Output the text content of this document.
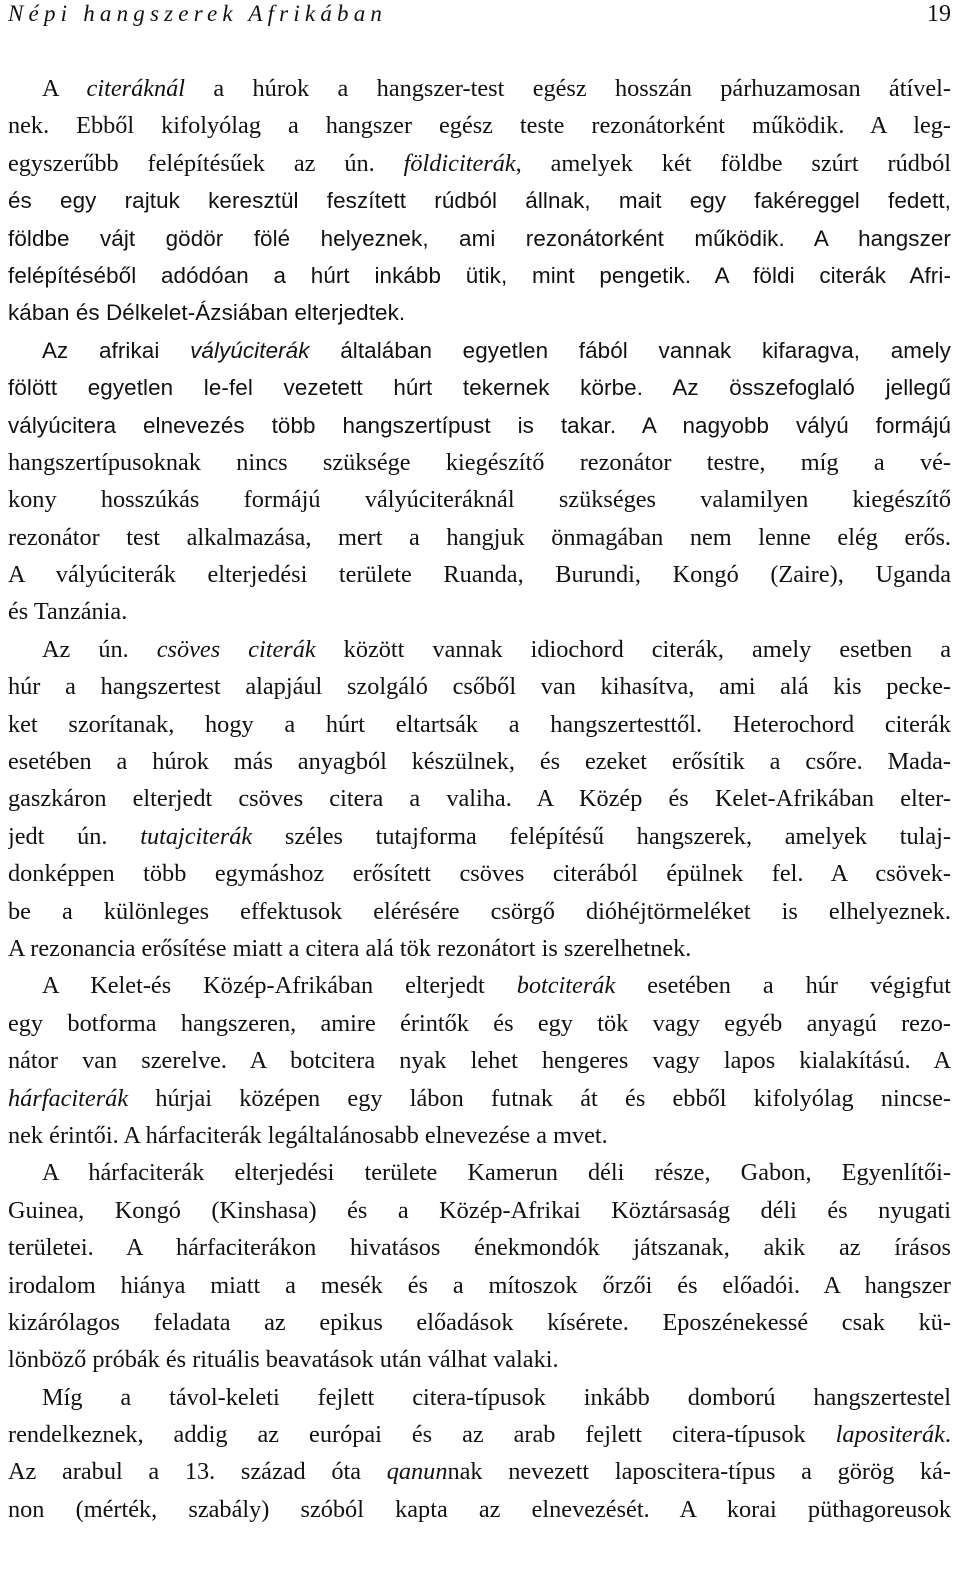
Népi hangszerek Afrikában	19
A citeráknál a húrok a hangszer-test egész hosszán párhuzamosan átível-
nek. Ebből kifolyólag a hangszer egész teste rezonátorként működik. A leg-
egyszerűbb felépítésűek az ún. földiciterák, amelyek két földbe szúrt rúdból
és egy rajtuk keresztül feszített rúdból állnak, mait egy fakéreggel fedett,
földbe vájt gödör fölé helyeznek, ami rezonátorként működik. A hangszer
felépítéséből adódóan a húrt inkább ütik, mint pengetik. A földi citerák Afri-
kában és Délkelet-Ázsiában elterjedtek.
Az afrikai vályúciterák általában egyetlen fából vannak kifaragva, amely
fölött egyetlen le-fel vezetett húrt tekernek körbe. Az összefoglaló jellegű
vályúcitera elnevezés több hangszertípust is takar. A nagyobb vályú formájú
hangszertípusoknak nincs szüksége kiegészítő rezonátor testre, míg a vé-
kony hosszúkás formájú vályúciteráknál szükséges valamilyen kiegészítő
rezonátor test alkalmazása, mert a hangjuk önmagában nem lenne elég erős.
A vályúciterák elterjedési területe Ruanda, Burundi, Kongó (Zaire), Uganda
és Tanzánia.
Az ún. csöves citerák között vannak idiochord citerák, amely esetben a
húr a hangszertest alapjául szolgáló csőből van kihasítva, ami alá kis pecke-
ket szorítanak, hogy a húrt eltartsák a hangszertesttől. Heterochord citerák
esetében a húrok más anyagból készülnek, és ezeket erősítik a csőre. Mada-
gaszkáron elterjedt csöves citera a valiha. A Közép és Kelet-Afrikában elter-
jedt ún. tutajciterák széles tutajforma felépítésű hangszerek, amelyek tulaj-
donképpen több egymáshoz erősített csöves citerából épülnek fel. A csövek-
be a különleges effektusok elérésére csörgő dióhéjtörmeléket is elhelyeznek.
A rezonancia erősítése miatt a citera alá tök rezonátort is szerelhetnek.
A Kelet-és Közép-Afrikában elterjedt botciterák esetében a húr végigfut
egy botforma hangszeren, amire érintők és egy tök vagy egyéb anyagú rezo-
nátor van szerelve. A botcitera nyak lehet hengeres vagy lapos kialakítású. A
hárfaciterák húrjai középen egy lábon futnak át és ebből kifolyólag nincse-
nek érintői. A hárfaciterák legáltalánosabb elnevezése a mvet.
A hárfaciterák elterjedési területe Kamerun déli része, Gabon, Egyenlítői-
Guinea, Kongó (Kinshasa) és a Közép-Afrikai Köztársaság déli és nyugati
területei. A hárfaciterákon hivatásos énekmondók játszanak, akik az írásos
irodalom hiánya miatt a mesék és a mítoszok őrzői és előadói. A hangszer
kizárólagos feladata az epikus előadások kísérete. Eposzénekessé csak kü-
lönböző próbák és rituális beavatások után válhat valaki.
Míg a távol-keleti fejlett citera-típusok inkább domború hangszertestel
rendelkeznek, addig az európai és az arab fejlett citera-típusok lapositerák.
Az arabul a 13. század óta qanunnak nevezett laposcitera-típus a görög ká-
non (mérték, szabály) szóból kapta az elnevezését. A korai püthagoreusok
